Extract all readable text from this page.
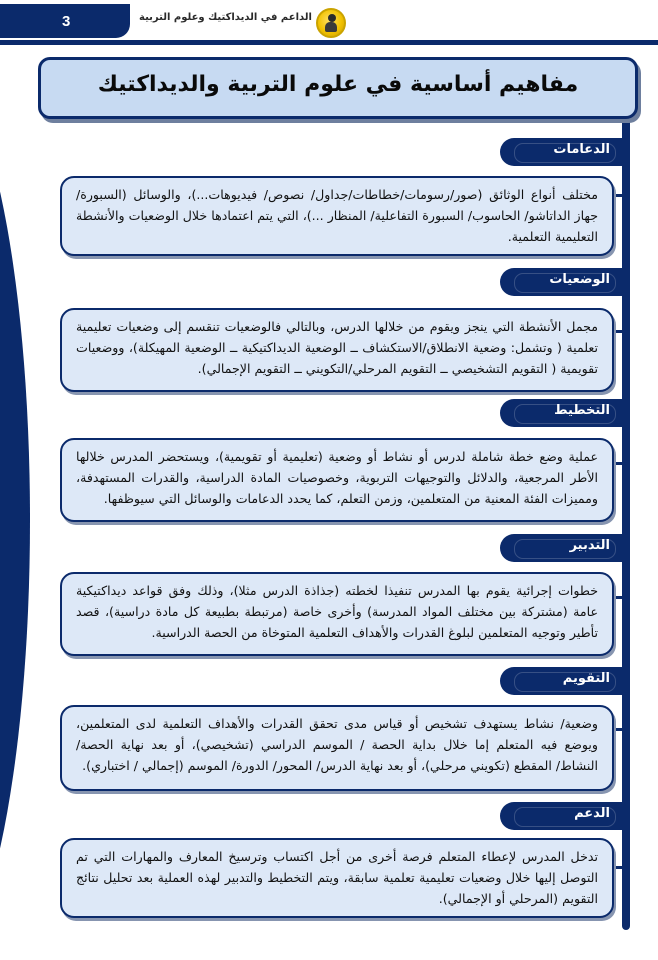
3	الداعم في الديداكتيك وعلوم التربية
مفاهيم أساسية في علوم التربية والديداكتيك
الدعامات
مختلف أنواع الوثائق (صور/رسومات/خطاطات/جداول/ نصوص/ فيديوهات...)، والوسائل (السبورة/ جهاز الداتاشو/ الحاسوب/ السبورة التفاعلية/ المنظار ...)، التي يتم اعتمادها خلال الوضعيات والأنشطة التعليمية التعلمية.
الوضعيات
مجمل الأنشطة التي ينجز ويقوم من خلالها الدرس، وبالتالي فالوضعيات تنقسم إلى وضعيات تعليمية تعلمية ( وتشمل: وضعية الانطلاق/الاستكشاف ــ الوضعية الديداكتيكية ــ الوضعية المهيكلة)، ووضعيات تقويمية ( التقويم التشخيصي ــ التقويم المرحلي/التكويني ــ التقويم الإجمالي).
التخطيط
عملية وضع خطة شاملة لدرس أو نشاط أو وضعية (تعليمية أو تقويمية)، ويستحضر المدرس خلالها الأطر المرجعية، والدلائل والتوجيهات التربوية، وخصوصيات المادة الدراسية، والقدرات المستهدفة، ومميزات الفئة المعنية من المتعلمين، وزمن التعلم، كما يحدد الدعامات والوسائل التي سيوظفها.
التدبير
خطوات إجرائية يقوم بها المدرس تنفيذا لخطته (جذاذة الدرس مثلا)، وذلك وفق قواعد ديداكتيكية عامة (مشتركة بين مختلف المواد المدرسة) وأخرى خاصة (مرتبطة بطبيعة كل مادة دراسية)، قصد تأطير وتوجيه المتعلمين لبلوغ القدرات والأهداف التعلمية المتوخاة من الحصة الدراسية.
التقويم
وضعية/ نشاط يستهدف تشخيص أو قياس مدى تحقق القدرات والأهداف التعلمية لدى المتعلمين، ويوضع فيه المتعلم إما خلال بداية الحصة / الموسم الدراسي (تشخيصي)، أو بعد نهاية الحصة/ النشاط/ المقطع (تكويني مرحلي)، أو بعد نهاية الدرس/ المحور/ الدورة/ الموسم (إجمالي / اختباري).
الدعم
تدخل المدرس لإعطاء المتعلم فرصة أخرى من أجل اكتساب وترسيخ المعارف والمهارات التي تم التوصل إليها خلال وضعيات تعليمية تعلمية سابقة، ويتم التخطيط والتدبير لهذه العملية بعد تحليل نتائج التقويم (المرحلي أو الإجمالي).
